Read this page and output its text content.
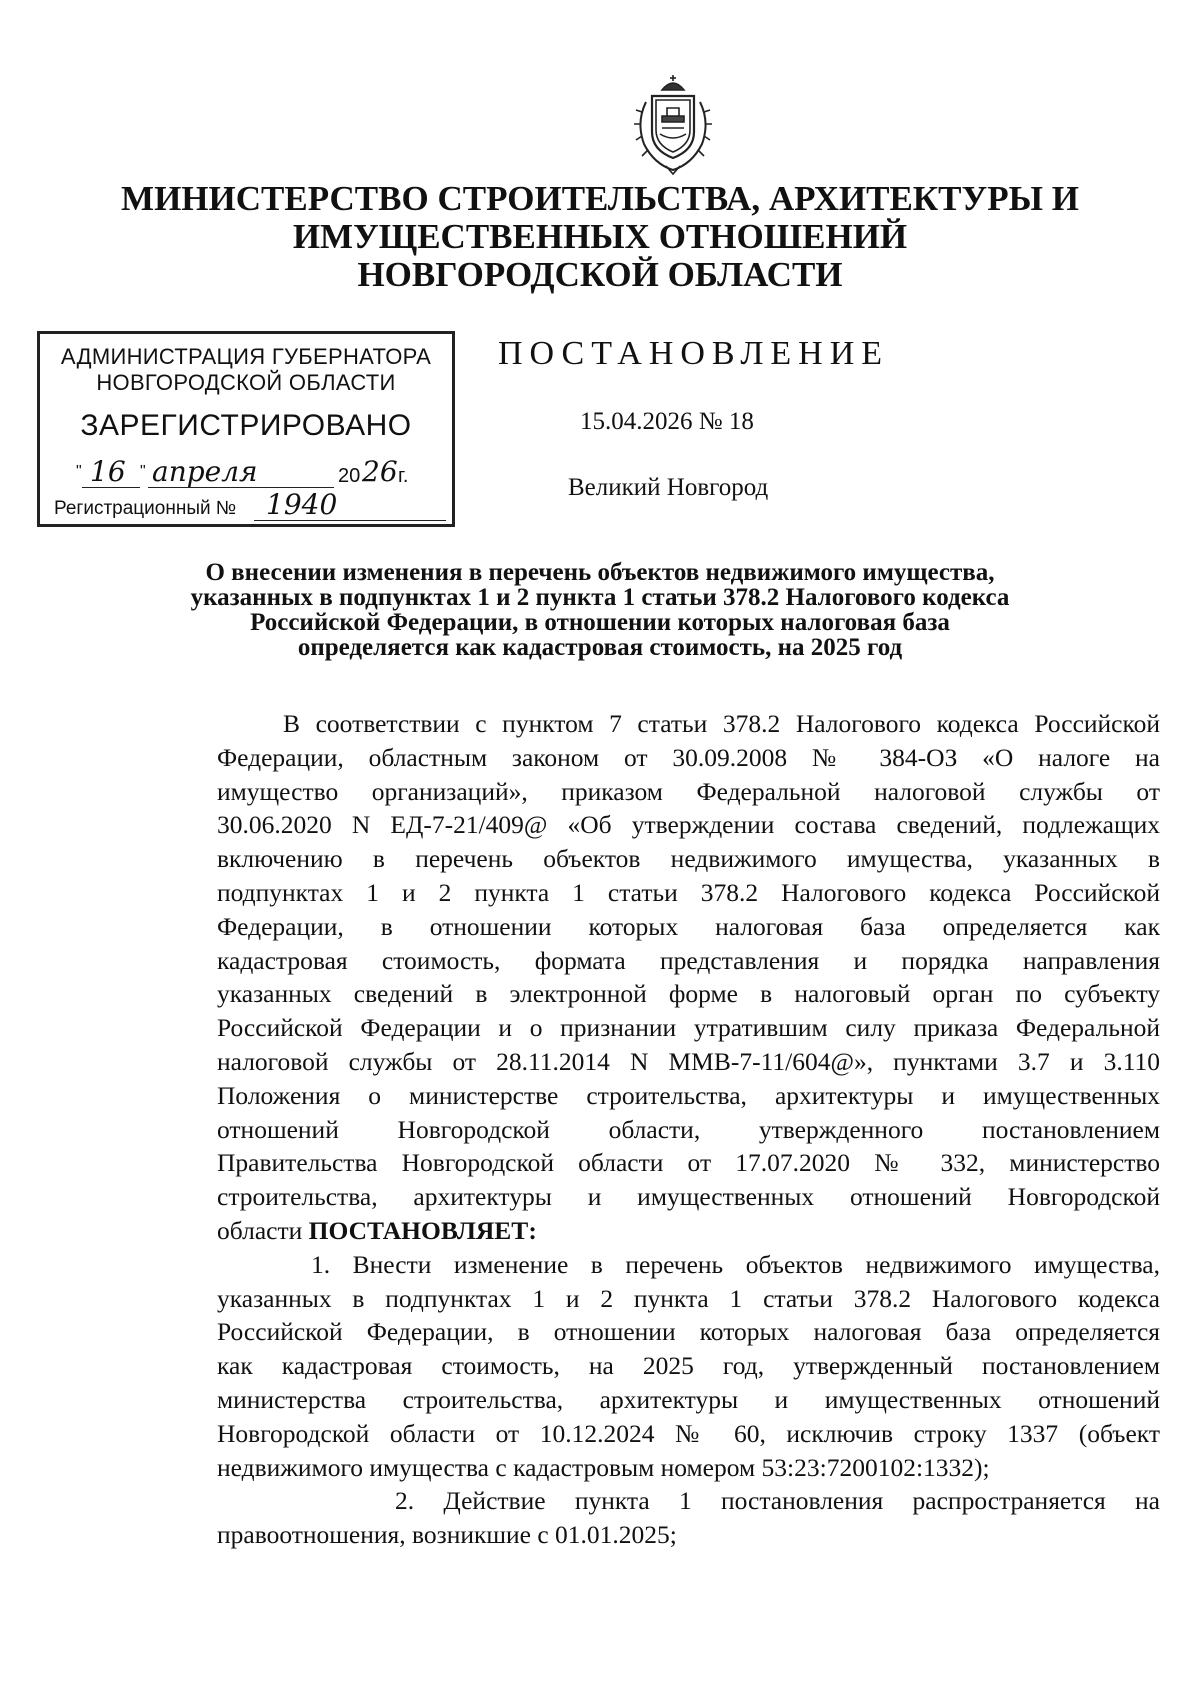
МИНИСТЕРСТВО СТРОИТЕЛЬСТВА, АРХИТЕКТУРЫ И
ИМУЩЕСТВЕННЫХ ОТНОШЕНИЙ
НОВГОРОДСКОЙ ОБЛАСТИ
АДМИНИСТРАЦИЯ ГУБЕРНАТОРА
НОВГОРОДСКОЙ ОБЛАСТИ
ЗАРЕГИСТРИРОВАНО
" 16 " апреля	20 26 г.
Регистрационный № 1940
ПОСТАНОВЛЕНИЕ
15.04.2026 № 18
Великий Новгород
О внесении изменения в перечень объектов недвижимого имущества,
указанных в подпунктах 1 и 2 пункта 1 статьи 378.2 Налогового кодекса
Российской Федерации, в отношении которых налоговая база
определяется как кадастровая стоимость, на 2025 год
В соответствии с пунктом 7 статьи 378.2 Налогового кодекса Российской
Федерации, областным законом от 30.09.2008 № 384-ОЗ «О налоге на
имущество организаций», приказом Федеральной налоговой службы от
30.06.2020 N ЕД-7-21/409@ «Об утверждении состава сведений, подлежащих
включению в перечень объектов недвижимого имущества, указанных в
подпунктах 1 и 2 пункта 1 статьи 378.2 Налогового кодекса Российской
Федерации, в отношении которых налоговая база определяется как
кадастровая стоимость, формата представления и порядка направления
указанных сведений в электронной форме в налоговый орган по субъекту
Российской Федерации и о признании утратившим силу приказа Федеральной
налоговой службы от 28.11.2014 N ММВ-7-11/604@», пунктами 3.7 и 3.110
Положения о министерстве строительства, архитектуры и имущественных
отношений Новгородской области, утвержденного постановлением
Правительства Новгородской области от 17.07.2020 № 332, министерство
строительства, архитектуры и имущественных отношений Новгородской
области ПОСТАНОВЛЯЕТ:
1. Внести изменение в перечень объектов недвижимого имущества,
указанных в подпунктах 1 и 2 пункта 1 статьи 378.2 Налогового кодекса
Российской Федерации, в отношении которых налоговая база определяется
как кадастровая стоимость, на 2025 год, утвержденный постановлением
министерства строительства, архитектуры и имущественных отношений
Новгородской области от 10.12.2024 № 60, исключив строку 1337 (объект
недвижимого имущества с кадастровым номером 53:23:7200102:1332);
2. Действие пункта 1 постановления распространяется на
правоотношения, возникшие с 01.01.2025;
